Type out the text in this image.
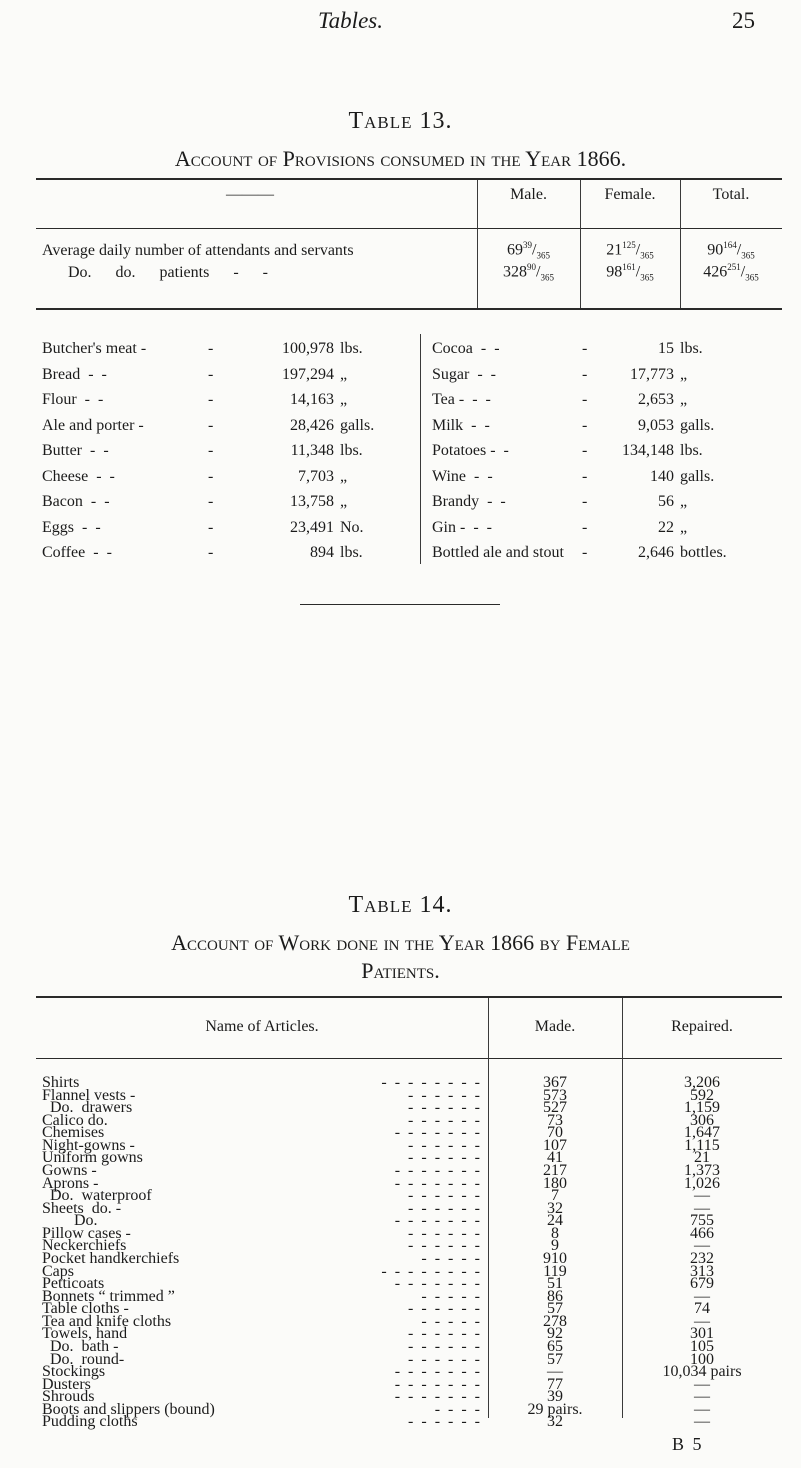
Tables.	25
Table 13.
Account of Provisions consumed in the Year 1866.
———	Male.	Female.	Total.
Average daily number of attendants and servants	$69^{39}/_{365}$	$21^{125}/_{365}$	$90^{164}/_{365}$
Do.      do.      patients      -      -	$328^{90}/_{365}$	$98^{161}/_{365}$	$426^{251}/_{365}$
Butcher's meat -	-	100,978 lbs.
Bread  -  -	-	197,294 „
Flour  -  -	-	14,163 „
Ale and porter -	-	28,426 galls.
Butter  -  -	-	11,348 lbs.
Cheese  -  -	-	7,703 „
Bacon  -  -	-	13,758 „
Eggs  -  -	-	23,491 No.
Coffee  -  -	-	894 lbs.
Cocoa  -  -	-	15 lbs.
Sugar  -  -	-	17,773 „
Tea -  -  -	-	2,653 „
Milk  -  -	-	9,053 galls.
Potatoes -  -	-	134,148 lbs.
Wine  -  -	-	140 galls.
Brandy  -  -	-	56 „
Gin -  -  -	-	22 „
Bottled ale and stout -	2,646 bottles.
Table 14.
Account of Work done in the Year 1866 by Female
Patients.
Name of Articles.	Made.	Repaired.
Shirts	-  -  -  -  -  -  -  -	367	3,206
Flannel vests -	-  -  -  -  -  -	573	592
Do.  drawers	-  -  -  -  -  -	527	1,159
Calico do.	-  -  -  -  -  -	73	306
Chemises	-  -  -  -  -  -  -	70	1,647
Night-gowns -	-  -  -  -  -  -	107	1,115
Uniform gowns	-  -  -  -  -  -	41	21
Gowns -	-  -  -  -  -  -  -	217	1,373
Aprons -	-  -  -  -  -  -  -	180	1,026
Do.  waterproof	-  -  -  -  -  -	7	—
Sheets  do. -	-  -  -  -  -  -	32	—
Do.	-  -  -  -  -  -  -	24	755
Pillow cases -	-  -  -  -  -  -	8	466
Neckerchiefs	-  -  -  -  -  -	9	—
Pocket handkerchiefs	-  -  -  -  -	910	232
Caps	-  -  -  -  -  -  -  -	119	313
Petticoats	-  -  -  -  -  -  -	51	679
Bonnets “ trimmed ”	-  -  -  -  -	86	—
Table cloths -	-  -  -  -  -  -	57	74
Tea and knife cloths	-  -  -  -  -	278	—
Towels, hand	-  -  -  -  -  -	92	301
Do.  bath -	-  -  -  -  -  -	65	105
Do.  round-	-  -  -  -  -  -	57	100
Stockings	-  -  -  -  -  -  -	—	10,034 pairs
Dusters	-  -  -  -  -  -  -	77	—
Shrouds	-  -  -  -  -  -  -	39	—
Boots and slippers (bound)	-  -  -  -	29 pairs.	—
Pudding cloths	-  -  -  -  -  -	32	—
B 5
